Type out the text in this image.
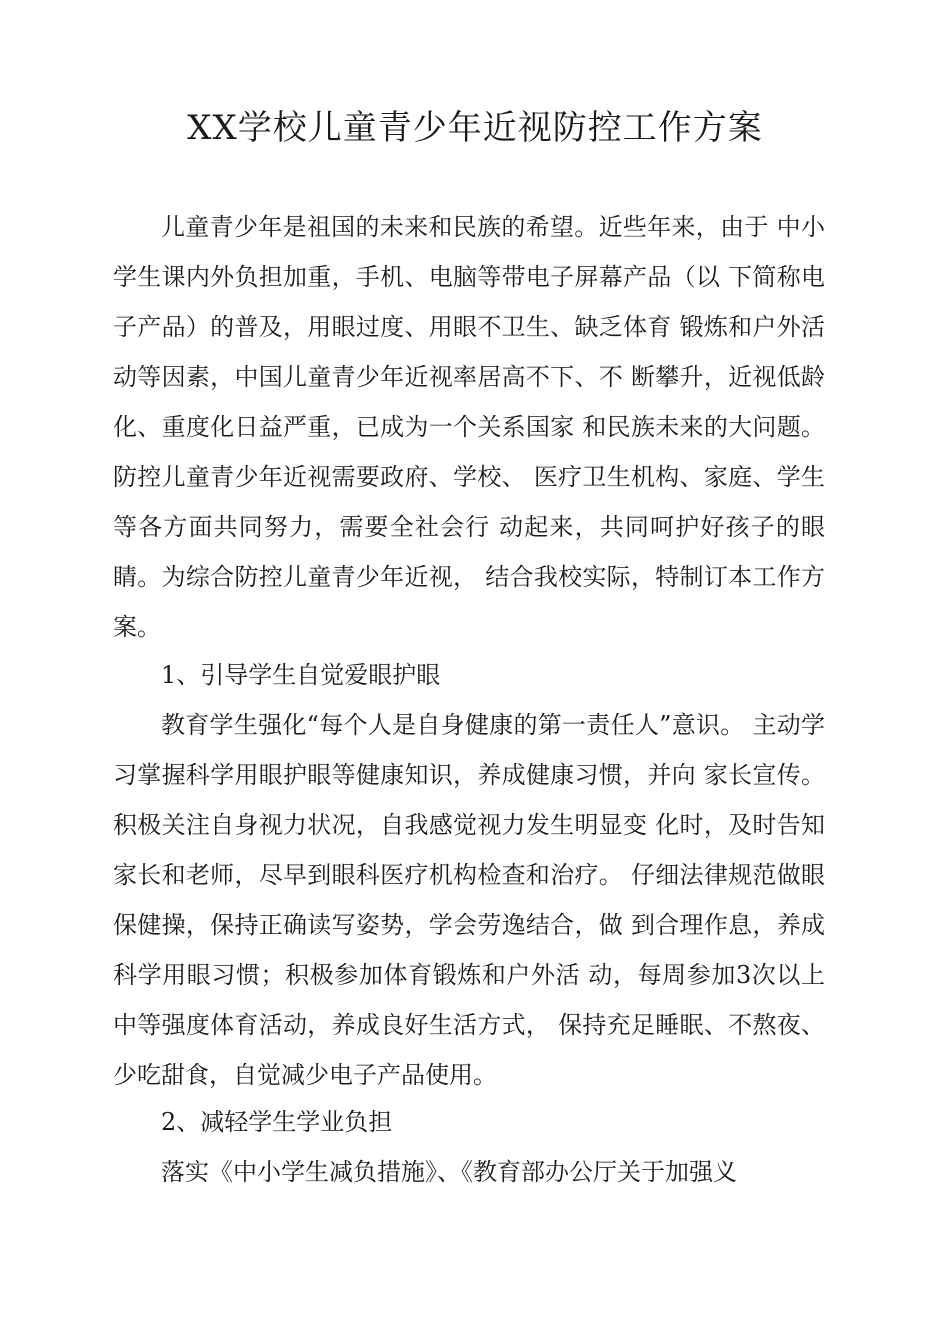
XX学校儿童青少年近视防控工作方案

儿童青少年是祖国的未来和民族的希望。近些年来，由于 中小学生课内外负担加重，手机、电脑等带电子屏幕产品（以 下简称电子产品）的普及，用眼过度、用眼不卫生、缺乏体育 锻炼和户外活动等因素，中国儿童青少年近视率居高不下、不 断攀升，近视低龄化、重度化日益严重，已成为一个关系国家 和民族未来的大问题。防控儿童青少年近视需要政府、学校、 医疗卫生机构、家庭、学生等各方面共同努力，需要全社会行 动起来，共同呵护好孩子的眼睛。为综合防控儿童青少年近视， 结合我校实际，特制订本工作方案。

1、引导学生自觉爱眼护眼

教育学生强化“每个人是自身健康的第一责任人”意识。 主动学习掌握科学用眼护眼等健康知识，养成健康习惯，并向 家长宣传。积极关注自身视力状况，自我感觉视力发生明显变 化时，及时告知家长和老师，尽早到眼科医疗机构检查和治疗。 仔细法律规范做眼保健操，保持正确读写姿势，学会劳逸结合，做 到合理作息，养成科学用眼习惯；积极参加体育锻炼和户外活 动，每周参加3次以上中等强度体育活动，养成良好生活方式， 保持充足睡眠、不熬夜、少吃甜食，自觉减少电子产品使用。

2、减轻学生学业负担

落实《中小学生减负措施》、《教育部办公厅关于加强义
